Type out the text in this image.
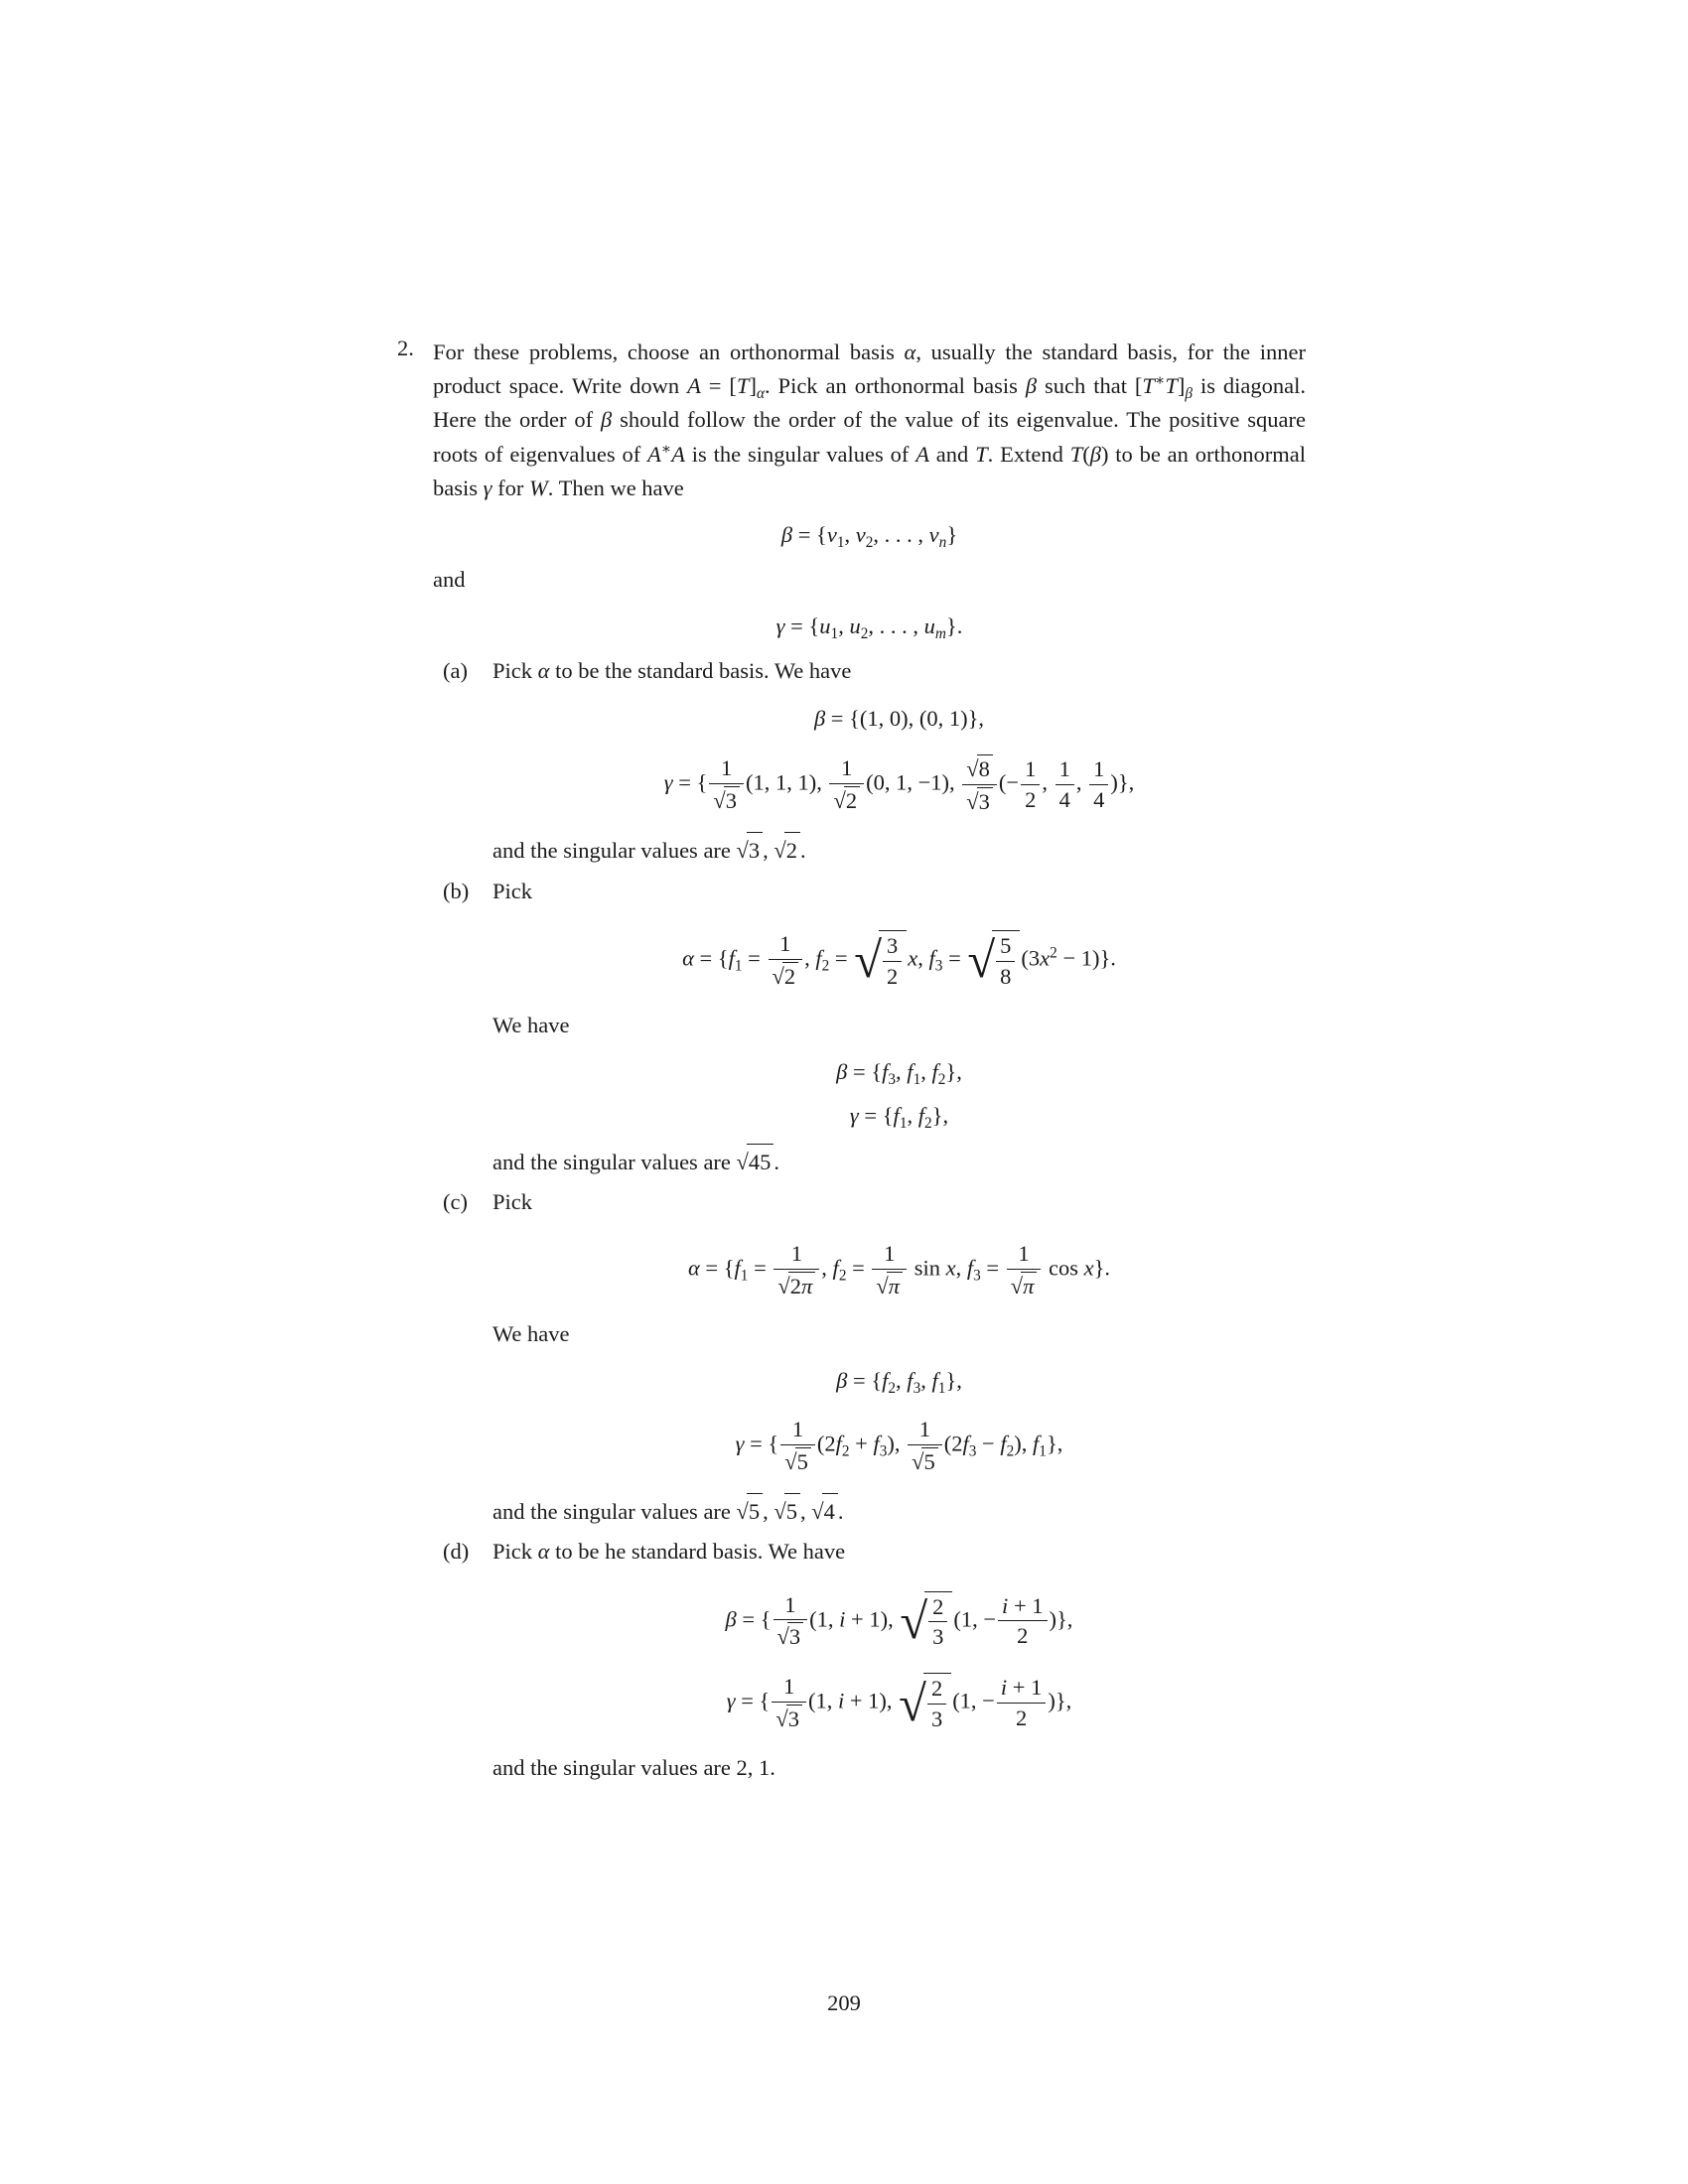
2. For these problems, choose an orthonormal basis α, usually the standard basis, for the inner product space. Write down $A = [T]_\alpha$. Pick an orthonormal basis β such that $[T^∗T]_\beta$ is diagonal. Here the order of β should follow the order of the value of its eigenvalue. The positive square roots of eigenvalues of A∗A is the singular values of A and T. Extend T(β) to be an orthonormal basis γ for W. Then we have

$\beta = \{v_1$, $v_2$, . . . , $v_n$}

and

$\gamma = \{u_1$, $u_2$, . . . , $u_m$}.
(a)	Pick α to be the standard basis. We have

β = {(1, 0), (0, 1)},
γ = { $\frac{1}{√3} (1$, 1, 1), $\frac{1}{√2} (0$, 1, −1), $\frac{√8}{√3}$ (− $\frac{1}{2}$ , $\frac{1}{4}$ , $\frac{1}{4}$ )},

and the singular values are √3 , √2 .

(b)	Pick

$\alpha = \{f_1 = \frac{1}{√2}$ , $f_2$ = √ $\frac{3}{2} x$, $f_3$ = √ $\frac{5}{8} (3x^2 - 1)$}.

We have

$\beta = \{f_3$, $f_1$, $f_2$},
$\gamma = \{f_1$, $f_2$},

and the singular values are √45 .

(c)	Pick

$\alpha = \{f_1 = \frac{1}{√2\pi}$ , $f_2 = \frac{1}{√\pi}$ sin x, $f_3 = \frac{1}{√\pi}$ cos x}.

We have

$\beta = \{f_2$, $f_3$, $f_1$},
γ = { $\frac{1}{√5} (2f_2 + f_3)$, $\frac{1}{√5} (2f_3 - f_2)$, $f_1$},

and the singular values are √5 , √5 , √4 .

(d)	Pick α to be he standard basis. We have

β = { $\frac{1}{√3} (1$, i + 1), √ $\frac{2}{3} (1$, − $\frac{i + 1}{2}$ )},
γ = { $\frac{1}{√3} (1$, i + 1), √ $\frac{2}{3} (1$, − $\frac{i + 1}{2}$ )},

and the singular values are 2, 1.

209
